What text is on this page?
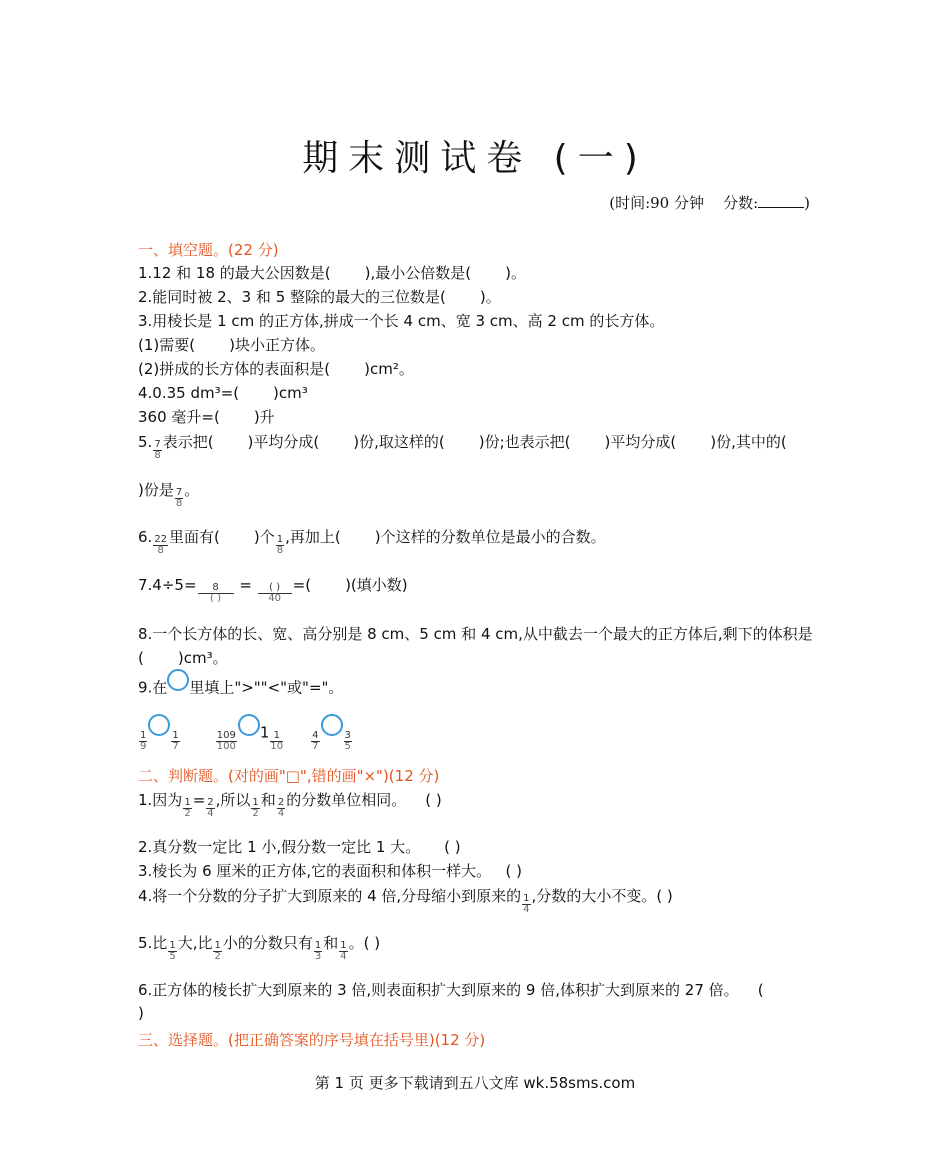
期末测试卷 (一)
(时间:90 分钟 分数:	)
一、填空题。(22 分)
1.12 和 18 的最大公因数是( ),最小公倍数是( )。
2.能同时被 2、3 和 5 整除的最大的三位数是( )。
3.用棱长是 1 cm 的正方体,拼成一个长 4 cm、宽 3 cm、高 2 cm 的长方体。
(1)需要( )块小正方体。
(2)拼成的长方体的表面积是( )cm²。
4.0.35 dm³=( )cm³
360 毫升=( )升
5. $\frac{7}{8}$ 表示把( )平均分成( )份,取这样的( )份;也表示把( )平均分成( )份,其中的(
)份是 $\frac{7}{8}$ 。
6. $\frac{22}{8}$ 里面有( )个 $\frac{1}{8}$ ,再加上( )个这样的分数单位是最小的合数。
$7.4\div 5= \frac{8}{( )} = \frac{( )}{40}$ =( )(填小数)
8.一个长方体的长、宽、高分别是 8 cm、5 cm 和 4 cm,从中截去一个最大的正方体后,剩下的体积是( )cm³。
9.在 里填上">""<"或"="。
$\frac{1}{9} \frac{1}{7}$	$\frac{109}{100} 1 \frac{1}{10}$	$\frac{4}{7} \frac{3}{5}$
二、判断题。(对的画"□",错的画"×")(12 分)
1.因为 $\frac{1}{2} = \frac{2}{4}$ ,所以 $\frac{1}{2}$ 和 $\frac{2}{4}$ 的分数单位相同。 ( )
2.真分数一定比 1 小,假分数一定比 1 大。 ( )
3.棱长为 6 厘米的正方体,它的表面积和体积一样大。 ( )
4.将一个分数的分子扩大到原来的 4 倍,分母缩小到原来的 $\frac{1}{4}$ ,分数的大小不变。( )
5.比 $\frac{1}{5}$ 大,比 $\frac{1}{2}$ 小的分数只有 $\frac{1}{3}$ 和 $\frac{1}{4}$ 。( )
6.正方体的棱长扩大到原来的 3 倍,则表面积扩大到原来的 9 倍,体积扩大到原来的 27 倍。 (
)
三、选择题。(把正确答案的序号填在括号里)(12 分)
第 1 页 更多下载请到五八文库 wk.58sms.com
